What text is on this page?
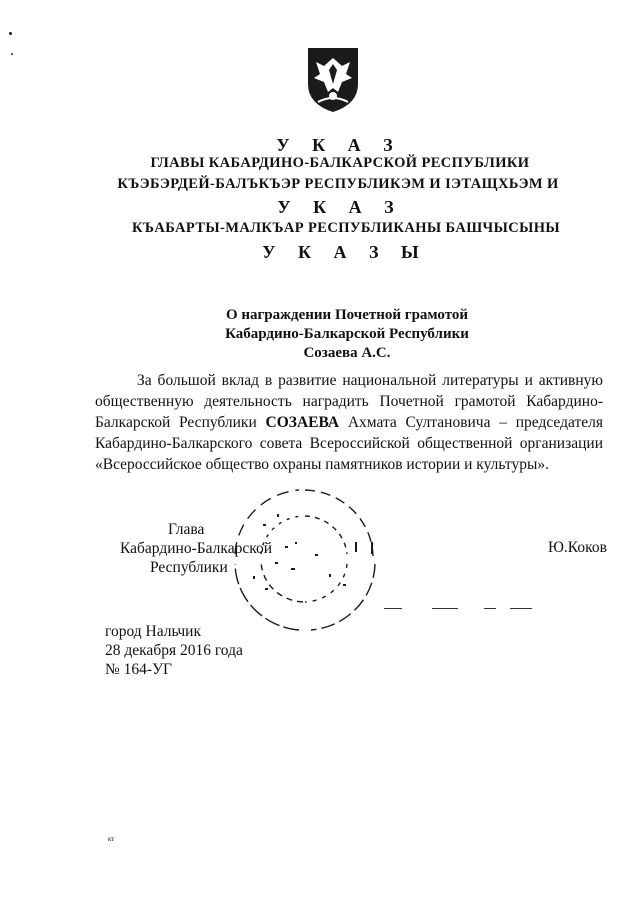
У К А З
ГЛАВЫ КАБАРДИНО-БАЛКАРСКОЙ РЕСПУБЛИКИ
КЪЭБЭРДЕЙ-БАЛЪКЪЭР РЕСПУБЛИКЭМ И ІЭТАЩХЬЭМ И
У К А З
КЪАБАРТЫ-МАЛКЪАР РЕСПУБЛИКАНЫ БАШЧЫСЫНЫ
У К А З Ы
О награждении Почетной грамотой
Кабардино-Балкарской Республики
Созаева А.С.
За большой вклад в развитие национальной литературы и активную общественную деятельность наградить Почетной грамотой Кабардино-Балкарской Республики СОЗАЕВА Ахмата Султановича – председателя Кабардино-Балкарского совета Всероссийской общественной организации «Всероссийское общество охраны памятников истории и культуры».
Глава
Кабардино-Балкарской
Республики
Ю.Коков
город Нальчик
28 декабря 2016 года
№ 164-УГ
кт
